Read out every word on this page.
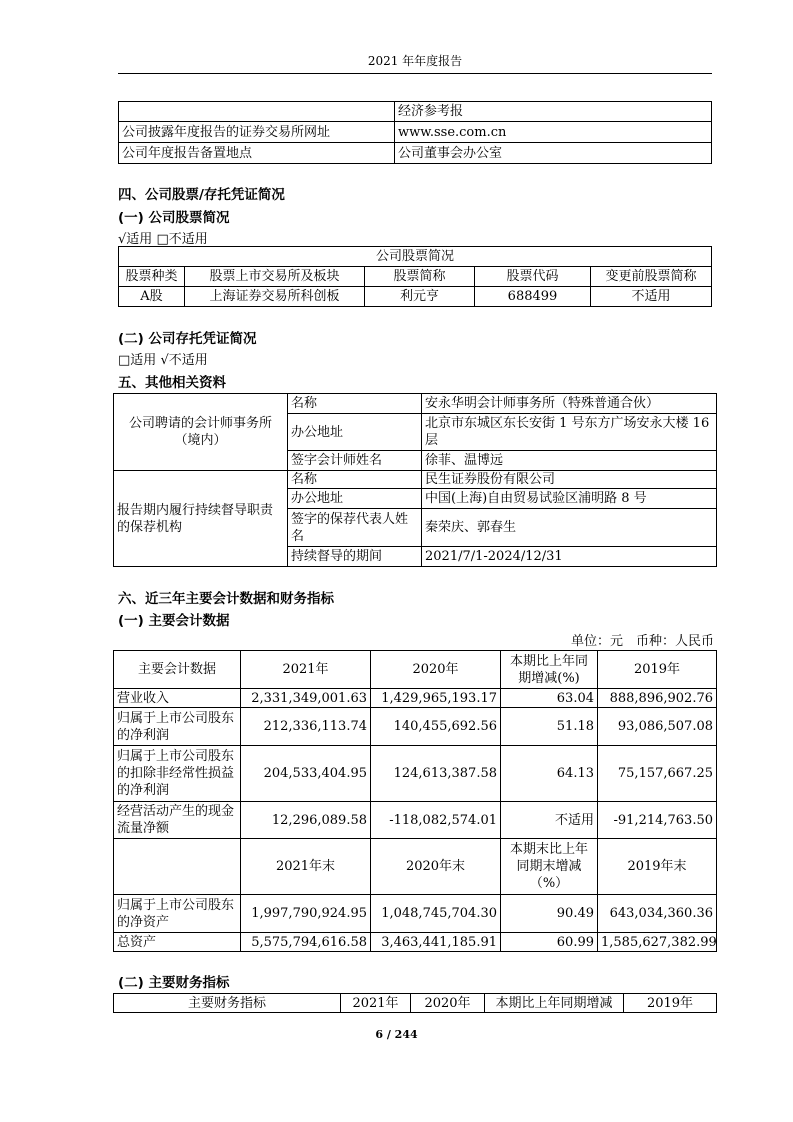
2021 年年度报告
	经济参考报
公司披露年度报告的证券交易所网址	www.sse.com.cn
公司年度报告备置地点	公司董事会办公室
四、公司股票/存托凭证简况
(一) 公司股票简况
√适用 □不适用
公司股票简况				
股票种类	股票上市交易所及板块	股票简称	股票代码	变更前股票简称
A股	上海证券交易所科创板	利元亨	688499	不适用
(二) 公司存托凭证简况
□适用 √不适用
五、其他相关资料
公司聘请的会计师事务所（境内）	名称	安永华明会计师事务所（特殊普通合伙）
	办公地址	北京市东城区东长安街 1 号东方广场安永大楼 16 层
	签字会计师姓名	徐菲、温博远
报告期内履行持续督导职责的保荐机构	名称	民生证券股份有限公司
	办公地址	中国(上海)自由贸易试验区浦明路 8 号
	签字的保荐代表人姓名	秦荣庆、郭春生
	持续督导的期间	2021/7/1-2024/12/31
六、近三年主要会计数据和财务指标
(一) 主要会计数据
单位：元　币种：人民币
主要会计数据	2021年	2020年	本期比上年同期增减(%)	2019年
营业收入	2,331,349,001.63	1,429,965,193.17	63.04	888,896,902.76
归属于上市公司股东的净利润	212,336,113.74	140,455,692.56	51.18	93,086,507.08
归属于上市公司股东的扣除非经常性损益的净利润	204,533,404.95	124,613,387.58	64.13	75,157,667.25
经营活动产生的现金流量净额	12,296,089.58	-118,082,574.01	不适用	-91,214,763.50
	2021年末	2020年末	本期末比上年同期末增减（%）	2019年末
归属于上市公司股东的净资产	1,997,790,924.95	1,048,745,704.30	90.49	643,034,360.36
总资产	5,575,794,616.58	3,463,441,185.91	60.99	1,585,627,382.99
(二) 主要财务指标
主要财务指标	2021年	2020年	本期比上年同期增减	2019年
6 / 244
